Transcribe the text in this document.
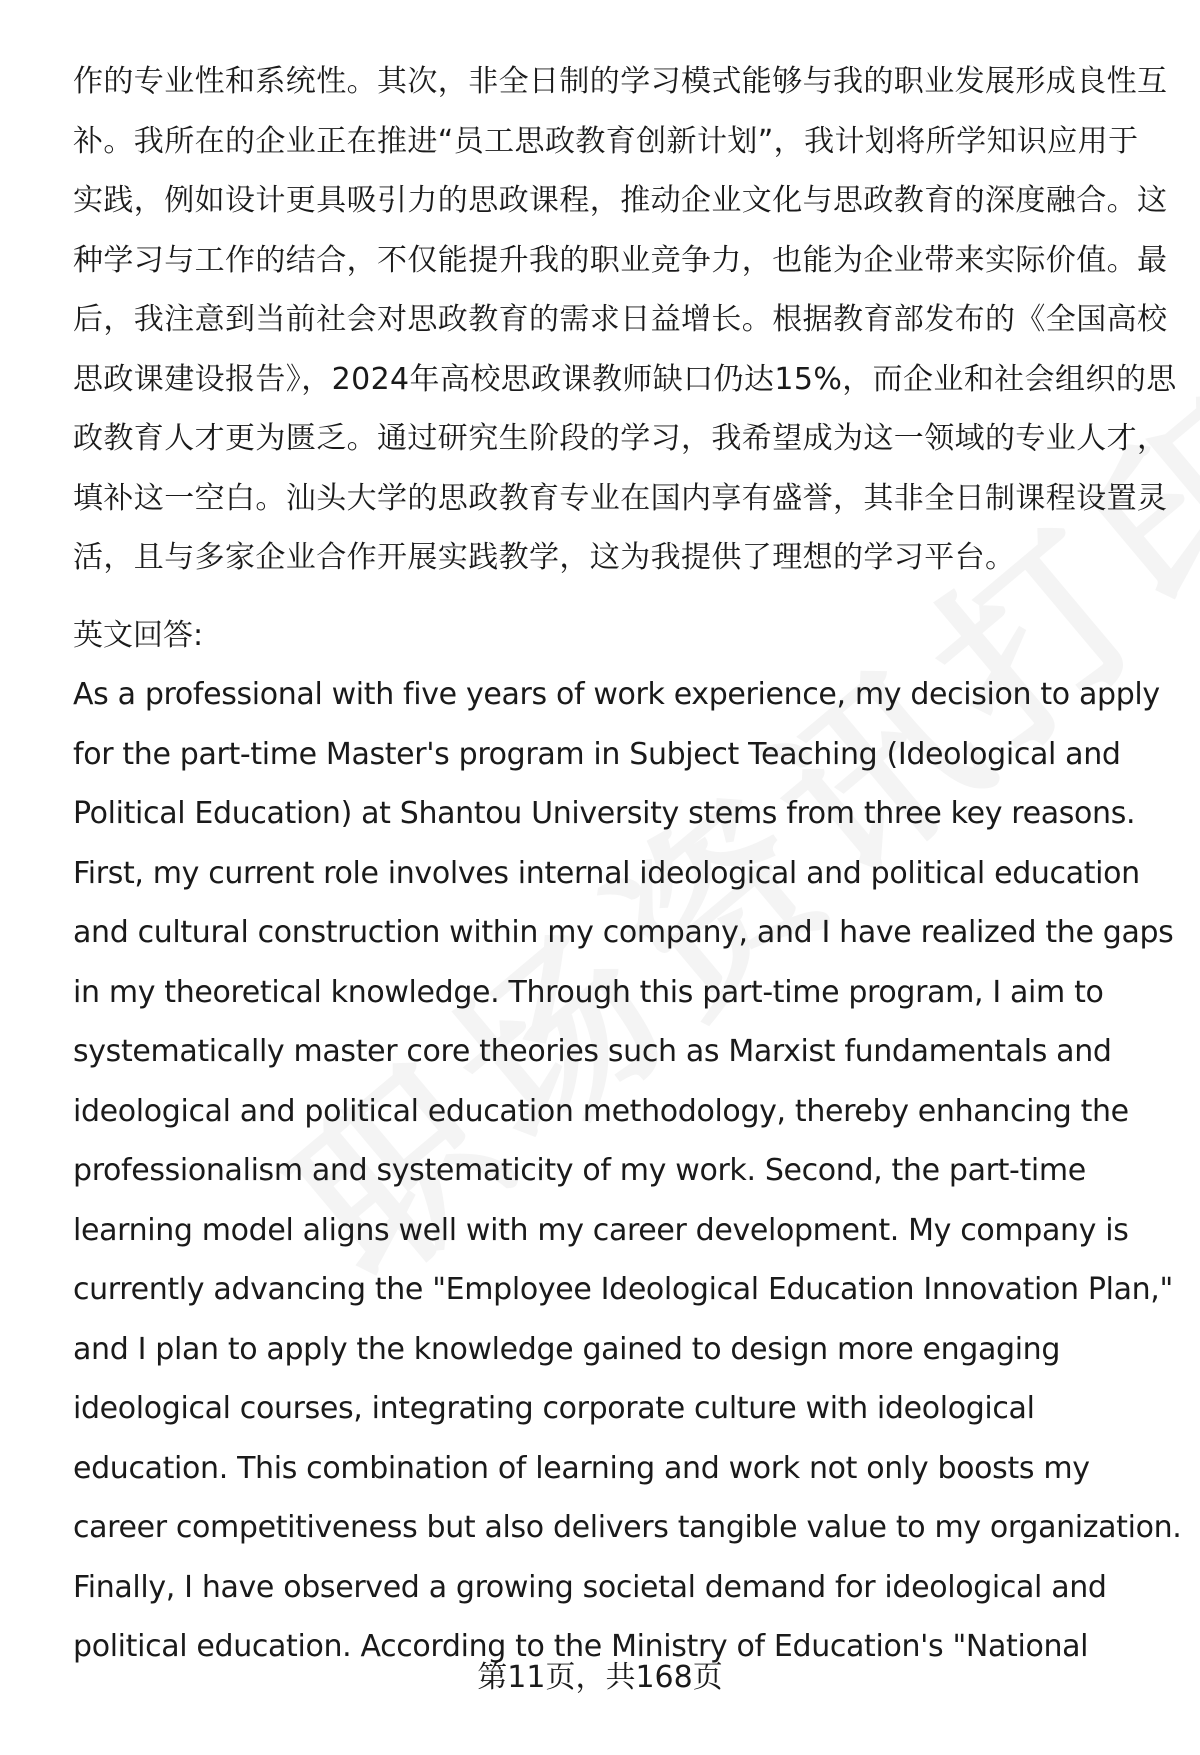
作的专业性和系统性。其次，非全日制的学习模式能够与我的职业发展形成良性互
补。我所在的企业正在推进“员工思政教育创新计划”，我计划将所学知识应用于
实践，例如设计更具吸引力的思政课程，推动企业文化与思政教育的深度融合。这
种学习与工作的结合，不仅能提升我的职业竞争力，也能为企业带来实际价值。最
后，我注意到当前社会对思政教育的需求日益增长。根据教育部发布的《全国高校
思政课建设报告》，2024年高校思政课教师缺口仍达15%，而企业和社会组织的思
政教育人才更为匮乏。通过研究生阶段的学习，我希望成为这一领域的专业人才，
填补这一空白。汕头大学的思政教育专业在国内享有盛誉，其非全日制课程设置灵
活，且与多家企业合作开展实践教学，这为我提供了理想的学习平台。

英文回答:

As a professional with five years of work experience, my decision to apply
for the part-time Master's program in Subject Teaching (Ideological and
Political Education) at Shantou University stems from three key reasons.
First, my current role involves internal ideological and political education
and cultural construction within my company, and I have realized the gaps
in my theoretical knowledge. Through this part-time program, I aim to
systematically master core theories such as Marxist fundamentals and
ideological and political education methodology, thereby enhancing the
professionalism and systematicity of my work. Second, the part-time
learning model aligns well with my career development. My company is
currently advancing the "Employee Ideological Education Innovation Plan,"
and I plan to apply the knowledge gained to design more engaging
ideological courses, integrating corporate culture with ideological
education. This combination of learning and work not only boosts my
career competitiveness but also delivers tangible value to my organization.
Finally, I have observed a growing societal demand for ideological and
political education. According to the Ministry of Education's "National

第11页，共168页
